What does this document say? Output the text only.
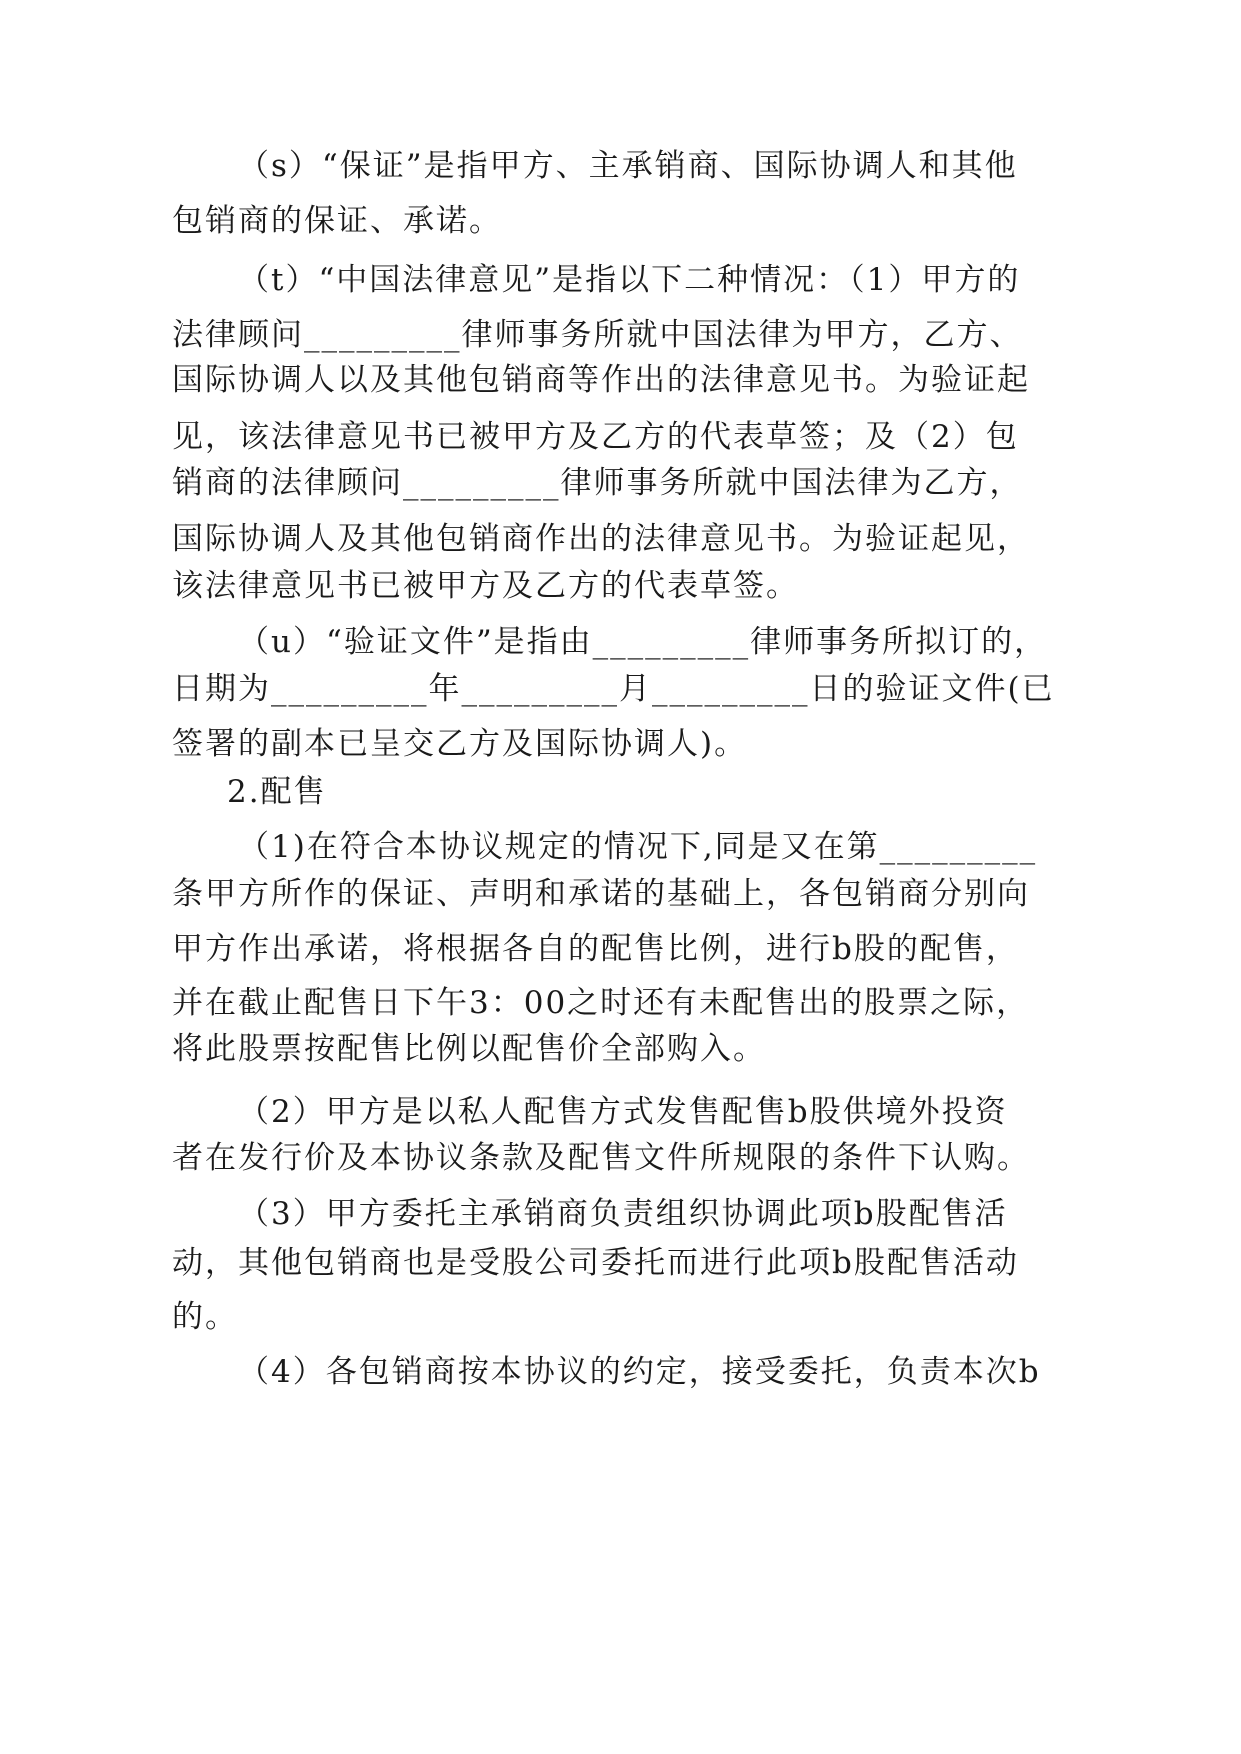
（s）“保证”是指甲方、主承销商、国际协调人和其他
包销商的保证、承诺。
（t）“中国法律意见”是指以下二种情况：（1）甲方的
法律顾问_________律师事务所就中国法律为甲方，乙方、
国际协调人以及其他包销商等作出的法律意见书。为验证起
见，该法律意见书已被甲方及乙方的代表草签；及（2）包
销商的法律顾问_________律师事务所就中国法律为乙方，
国际协调人及其他包销商作出的法律意见书。为验证起见，
该法律意见书已被甲方及乙方的代表草签。
（u）“验证文件”是指由_________律师事务所拟订的，
日期为_________年_________月_________日的验证文件(已
签署的副本已呈交乙方及国际协调人)。
2.配售
（1)在符合本协议规定的情况下,同是又在第_________
条甲方所作的保证、声明和承诺的基础上，各包销商分别向
甲方作出承诺，将根据各自的配售比例，进行b股的配售，
并在截止配售日下午3：00之时还有未配售出的股票之际，
将此股票按配售比例以配售价全部购入。
（2）甲方是以私人配售方式发售配售b股供境外投资
者在发行价及本协议条款及配售文件所规限的条件下认购。
（3）甲方委托主承销商负责组织协调此项b股配售活
动，其他包销商也是受股公司委托而进行此项b股配售活动
的。
（4）各包销商按本协议的约定，接受委托，负责本次b
